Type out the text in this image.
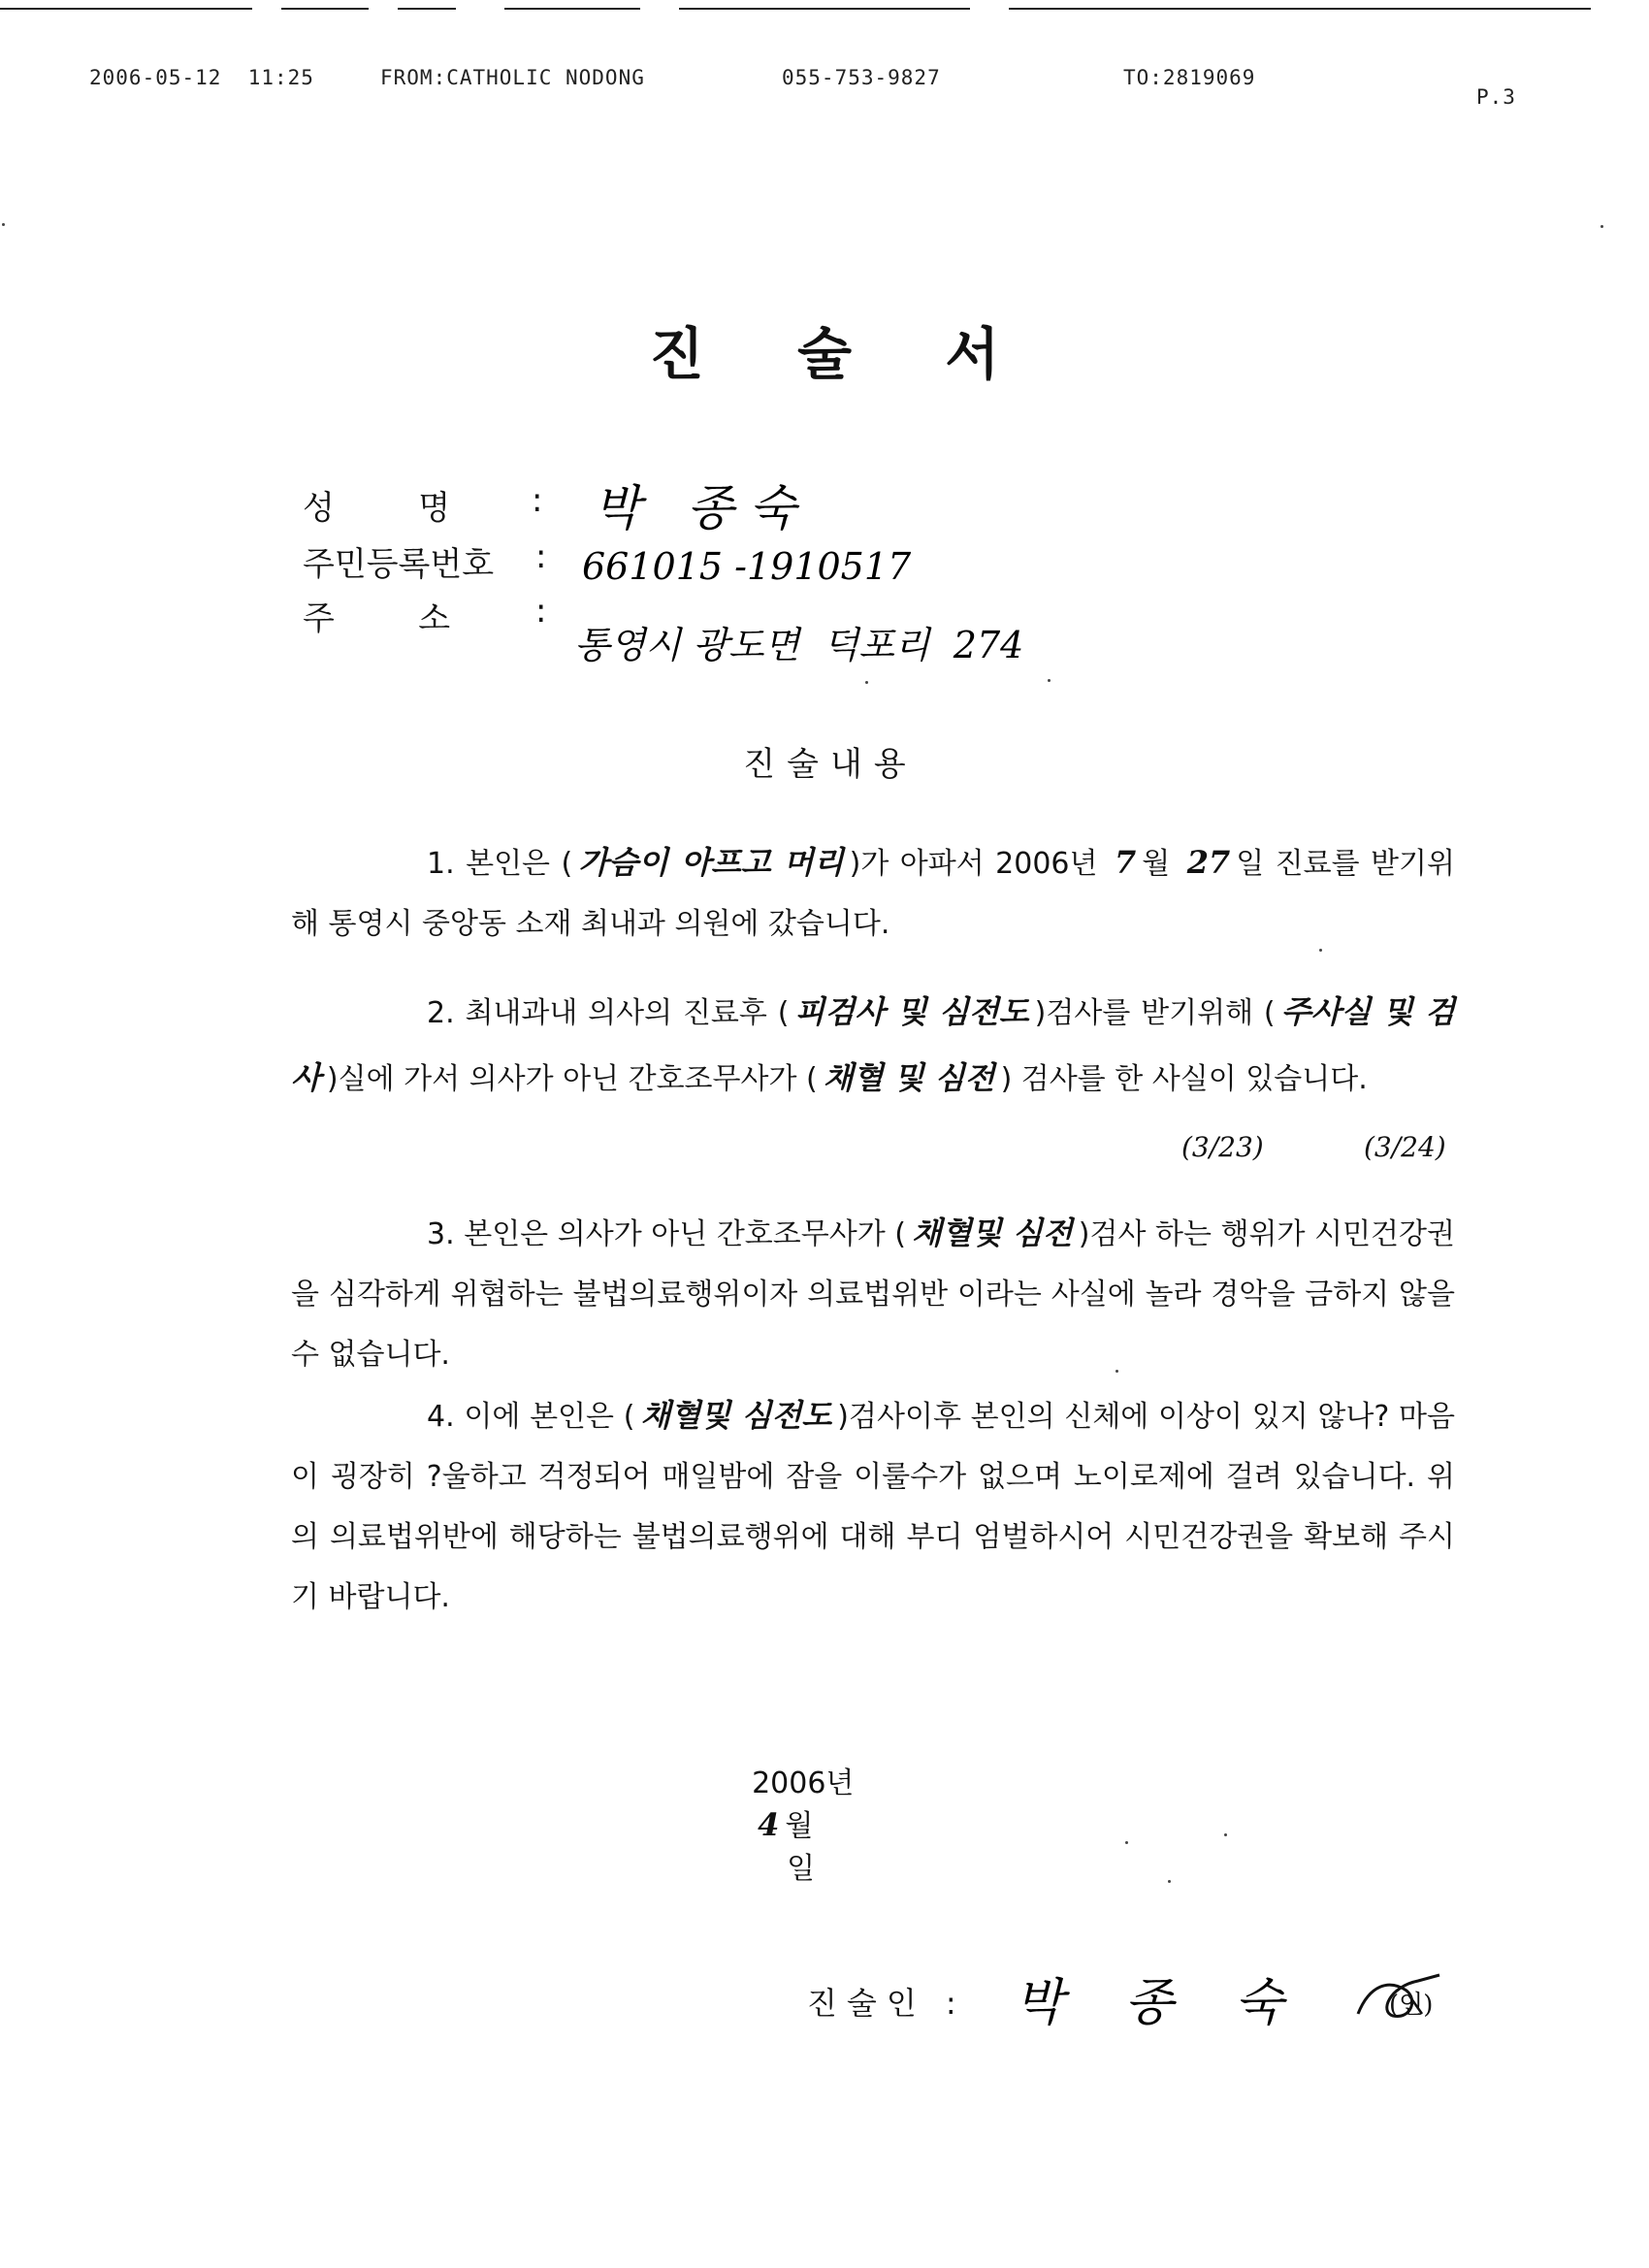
2006-05-12  11:25	FROM:CATHOLIC NODONG	055-753-9827	TO:2819069
P.3
진 술 서
성        명 : 박   종 숙
주민등록번호 : 661015 -1910517
주        소	:
통영시 광도면  덕포리  274
진술내용

1. 본인은 ( 가슴이 아프고 머리 )가 아파서 2006년 7 월 27 일 진료를 받기위해 통영시 중앙동 소재 최내과 의원에 갔습니다.

2. 최내과내 의사의 진료후 ( 피검사 및 심전도 )검사를 받기위해 ( 주사실 및 검사 )실에 가서 의사가 아닌 간호조무사가 ( 채혈 및 심전 ) 검사를 한 사실이 있습니다.

(3/23)	(3/24)

3. 본인은 의사가 아닌 간호조무사가 ( 채혈및 심전 )검사 하는 행위가 시민건강권을 심각하게 위협하는 불법의료행위이자 의료법위반 이라는 사실에 놀라 경악을 금하지 않을 수 없습니다.

4. 이에 본인은 ( 채혈및 심전도 )검사이후 본인의 신체에 이상이 있지 않나? 마음이 굉장히 ?울하고 걱정되어 매일밤에 잠을 이룰수가 없으며 노이로제에 걸려 있습니다. 위의 의료법위반에 해당하는 불법의료행위에 대해 부디 엄벌하시어 시민건강권을 확보해 주시기 바랍니다.

2006년
4 월
일

진술인 : 박  종  숙	(인)
